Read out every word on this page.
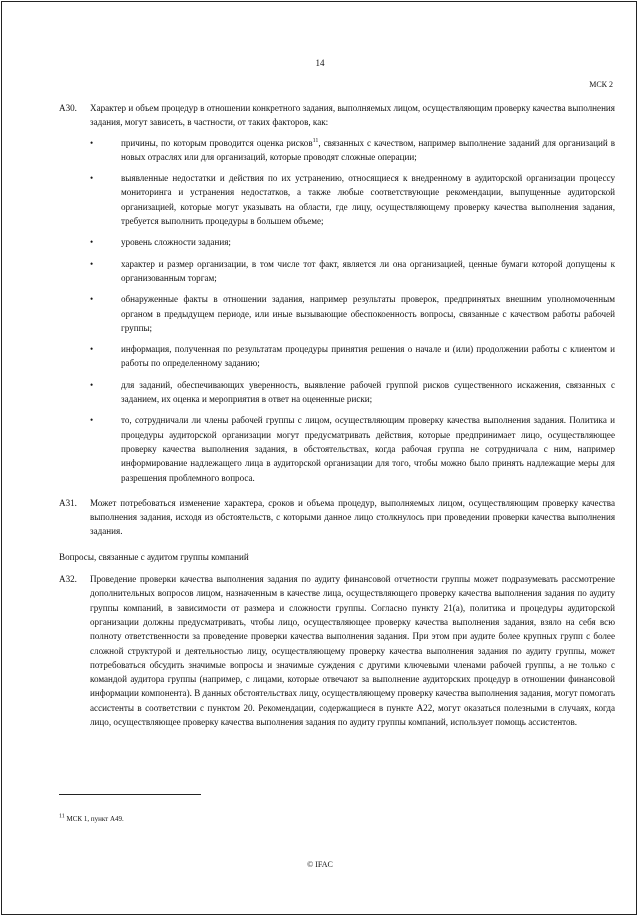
14
МСК 2
A30. Характер и объем процедур в отношении конкретного задания, выполняемых лицом, осуществляющим проверку качества выполнения задания, могут зависеть, в частности, от таких факторов, как:
•	причины, по которым проводится оценка рисков$^{11}$, связанных с качеством, например выполнение заданий для организаций в новых отраслях или для организаций, которые проводят сложные операции;
•	выявленные недостатки и действия по их устранению, относящиеся к внедренному в аудиторской организации процессу мониторинга и устранения недостатков, а также любые соответствующие рекомендации, выпущенные аудиторской организацией, которые могут указывать на области, где лицу, осуществляющему проверку качества выполнения задания, требуется выполнить процедуры в большем объеме;
•	уровень сложности задания;
•	характер и размер организации, в том числе тот факт, является ли она организацией, ценные бумаги которой допущены к организованным торгам;
•	обнаруженные факты в отношении задания, например результаты проверок, предпринятых внешним уполномоченным органом в предыдущем периоде, или иные вызывающие обеспокоенность вопросы, связанные с качеством работы рабочей группы;
•	информация, полученная по результатам процедуры принятия решения о начале и (или) продолжении работы с клиентом и работы по определенному заданию;
•	для заданий, обеспечивающих уверенность, выявление рабочей группой рисков существенного искажения, связанных с заданием, их оценка и мероприятия в ответ на оцененные риски;
•	то, сотрудничали ли члены рабочей группы с лицом, осуществляющим проверку качества выполнения задания. Политика и процедуры аудиторской организации могут предусматривать действия, которые предпринимает лицо, осуществляющее проверку качества выполнения задания, в обстоятельствах, когда рабочая группа не сотрудничала с ним, например информирование надлежащего лица в аудиторской организации для того, чтобы можно было принять надлежащие меры для разрешения проблемного вопроса.
A31. Может потребоваться изменение характера, сроков и объема процедур, выполняемых лицом, осуществляющим проверку качества выполнения задания, исходя из обстоятельств, с которыми данное лицо столкнулось при проведении проверки качества выполнения задания.
Вопросы, связанные с аудитом группы компаний
A32. Проведение проверки качества выполнения задания по аудиту финансовой отчетности группы может подразумевать рассмотрение дополнительных вопросов лицом, назначенным в качестве лица, осуществляющего проверку качества выполнения задания по аудиту группы компаний, в зависимости от размера и сложности группы. Согласно пункту 21(а), политика и процедуры аудиторской организации должны предусматривать, чтобы лицо, осуществляющее проверку качества выполнения задания, взяло на себя всю полноту ответственности за проведение проверки качества выполнения задания. При этом при аудите более крупных групп с более сложной структурой и деятельностью лицу, осуществляющему проверку качества выполнения задания по аудиту группы, может потребоваться обсудить значимые вопросы и значимые суждения с другими ключевыми членами рабочей группы, а не только с командой аудитора группы (например, с лицами, которые отвечают за выполнение аудиторских процедур в отношении финансовой информации компонента). В данных обстоятельствах лицу, осуществляющему проверку качества выполнения задания, могут помогать ассистенты в соответствии с пунктом 20. Рекомендации, содержащиеся в пункте А22, могут оказаться полезными в случаях, когда лицо, осуществляющее проверку качества выполнения задания по аудиту группы компаний, использует помощь ассистентов.
$^{11}$ МСК 1, пункт А49.
© IFAC
